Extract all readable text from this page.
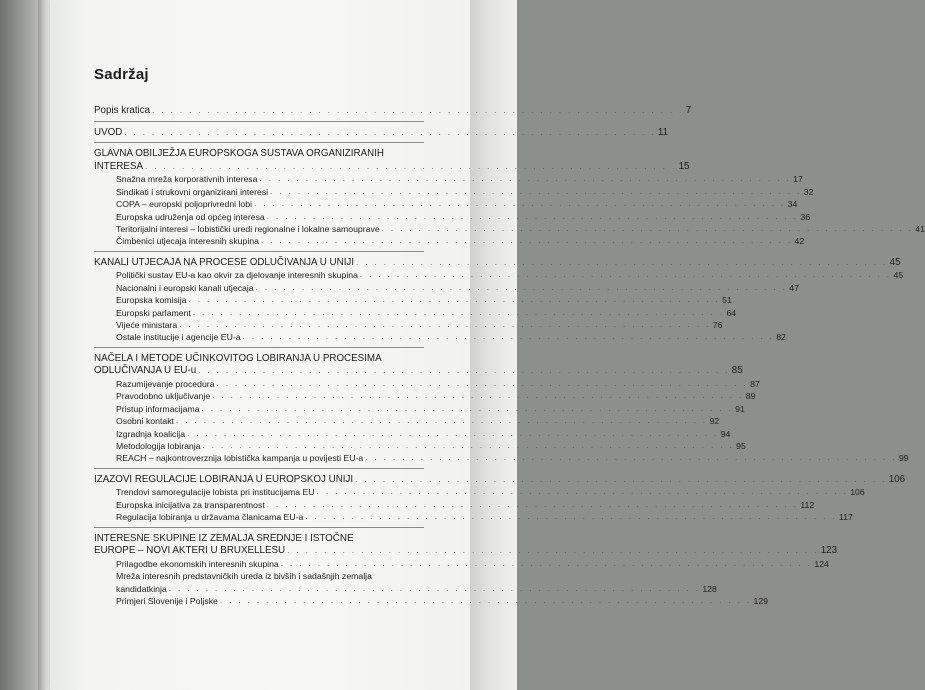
Sadržaj
Popis kratica . . . . . . . . . . . . . . . . . . . . . . . . . . . . . . . . . . . . . . . . . . . . . . . . . . . . . . . . . . 7
UVOD . . . . . . . . . . . . . . . . . . . . . . . . . . . . . . . . . . . . . . . . . . . . . . . . . . . . . . . . . . 11
GLAVNA OBILJEŽJA EUROPSKOGA SUSTAVA ORGANIZIRANIH
INTERESA . . . . . . . . . . . . . . . . . . . . . . . . . . . . . . . . . . . . . . . . . . . . . . . . . . . . . . . . . . 15
Snažna mreža korporativnih interesa . . . . . . . . . . . . . . . . . . . . . . . . . . . . . . . . . . . . . . . . . . . . . . . . . . . . . . . . . . 17
Sindikati i strukovni organizirani interesi . . . . . . . . . . . . . . . . . . . . . . . . . . . . . . . . . . . . . . . . . . . . . . . . . . . . . . . . . . 32
COPA – europski poljoprivredni lobi . . . . . . . . . . . . . . . . . . . . . . . . . . . . . . . . . . . . . . . . . . . . . . . . . . . . . . . . . . 34
Europska udruženja od općeg interesa . . . . . . . . . . . . . . . . . . . . . . . . . . . . . . . . . . . . . . . . . . . . . . . . . . . . . . . . . . 36
Teritorijalni interesi – lobistički uredi regionalne i lokalne samouprave . . . . . . . . . . . . . . . . . . . . . . . . . . . . . . . . . . . . . . . . . . . . . . . . . . . . . . . . . . 41
Čimbenici utjecaja interesnih skupina . . . . . . . . . . . . . . . . . . . . . . . . . . . . . . . . . . . . . . . . . . . . . . . . . . . . . . . . . . 42
KANALI UTJECAJA NA PROCESE ODLUČIVANJA U UNIJI . . . . . . . . . . . . . . . . . . . . . . . . . . . . . . . . . . . . . . . . . . . . . . . . . . . . . . . . . . 45
Politički sustav EU-a kao okvir za djelovanje interesnih skupina . . . . . . . . . . . . . . . . . . . . . . . . . . . . . . . . . . . . . . . . . . . . . . . . . . . . . . . . . . 45
Nacionalni i europski kanali utjecaja . . . . . . . . . . . . . . . . . . . . . . . . . . . . . . . . . . . . . . . . . . . . . . . . . . . . . . . . . . 47
Europska komisija . . . . . . . . . . . . . . . . . . . . . . . . . . . . . . . . . . . . . . . . . . . . . . . . . . . . . . . . . . 51
Europski parlament . . . . . . . . . . . . . . . . . . . . . . . . . . . . . . . . . . . . . . . . . . . . . . . . . . . . . . . . . . 64
Vijeće ministara . . . . . . . . . . . . . . . . . . . . . . . . . . . . . . . . . . . . . . . . . . . . . . . . . . . . . . . . . . 76
Ostale institucije i agencije EU-a . . . . . . . . . . . . . . . . . . . . . . . . . . . . . . . . . . . . . . . . . . . . . . . . . . . . . . . . . . 82
NAČELA I METODE UČINKOVITOG LOBIRANJA U PROCESIMA
ODLUČIVANJA U EU-u . . . . . . . . . . . . . . . . . . . . . . . . . . . . . . . . . . . . . . . . . . . . . . . . . . . . . . . . . . 85
Razumijevanje procedura . . . . . . . . . . . . . . . . . . . . . . . . . . . . . . . . . . . . . . . . . . . . . . . . . . . . . . . . . . 87
Pravodobno uključivanje . . . . . . . . . . . . . . . . . . . . . . . . . . . . . . . . . . . . . . . . . . . . . . . . . . . . . . . . . . 89
Pristup informacijama . . . . . . . . . . . . . . . . . . . . . . . . . . . . . . . . . . . . . . . . . . . . . . . . . . . . . . . . . . 91
Osobni kontakt . . . . . . . . . . . . . . . . . . . . . . . . . . . . . . . . . . . . . . . . . . . . . . . . . . . . . . . . . . 92
Izgradnja koalicija . . . . . . . . . . . . . . . . . . . . . . . . . . . . . . . . . . . . . . . . . . . . . . . . . . . . . . . . . . 94
Metodologija lobiranja . . . . . . . . . . . . . . . . . . . . . . . . . . . . . . . . . . . . . . . . . . . . . . . . . . . . . . . . . . 95
REACH – najkontroverznija lobistička kampanja u povijesti EU-a . . . . . . . . . . . . . . . . . . . . . . . . . . . . . . . . . . . . . . . . . . . . . . . . . . . . . . . . . . 99
IZAZOVI REGULACIJE LOBIRANJA U EUROPSKOJ UNIJI . . . . . . . . . . . . . . . . . . . . . . . . . . . . . . . . . . . . . . . . . . . . . . . . . . . . . . . . . . 106
Trendovi samoregulacije lobista pri institucijama EU . . . . . . . . . . . . . . . . . . . . . . . . . . . . . . . . . . . . . . . . . . . . . . . . . . . . . . . . . . 106
Europska inicijativa za transparentnost . . . . . . . . . . . . . . . . . . . . . . . . . . . . . . . . . . . . . . . . . . . . . . . . . . . . . . . . . . 112
Regulacija lobiranja u državama članicama EU-a . . . . . . . . . . . . . . . . . . . . . . . . . . . . . . . . . . . . . . . . . . . . . . . . . . . . . . . . . . 117
INTERESNE SKUPINE IZ ZEMALJA SREDNJE I ISTOČNE
EUROPE – NOVI AKTERI U BRUXELLESU . . . . . . . . . . . . . . . . . . . . . . . . . . . . . . . . . . . . . . . . . . . . . . . . . . . . . . . . . . 123
Prilagodbe ekonomskih interesnih skupina . . . . . . . . . . . . . . . . . . . . . . . . . . . . . . . . . . . . . . . . . . . . . . . . . . . . . . . . . . 124
Mreža interesnih predstavničkih ureda iz bivših i sadašnjih zemalja
kandidatkinja . . . . . . . . . . . . . . . . . . . . . . . . . . . . . . . . . . . . . . . . . . . . . . . . . . . . . . . . . . 128
Primjeri Slovenije i Poljske . . . . . . . . . . . . . . . . . . . . . . . . . . . . . . . . . . . . . . . . . . . . . . . . . . . . . . . . . . 129
